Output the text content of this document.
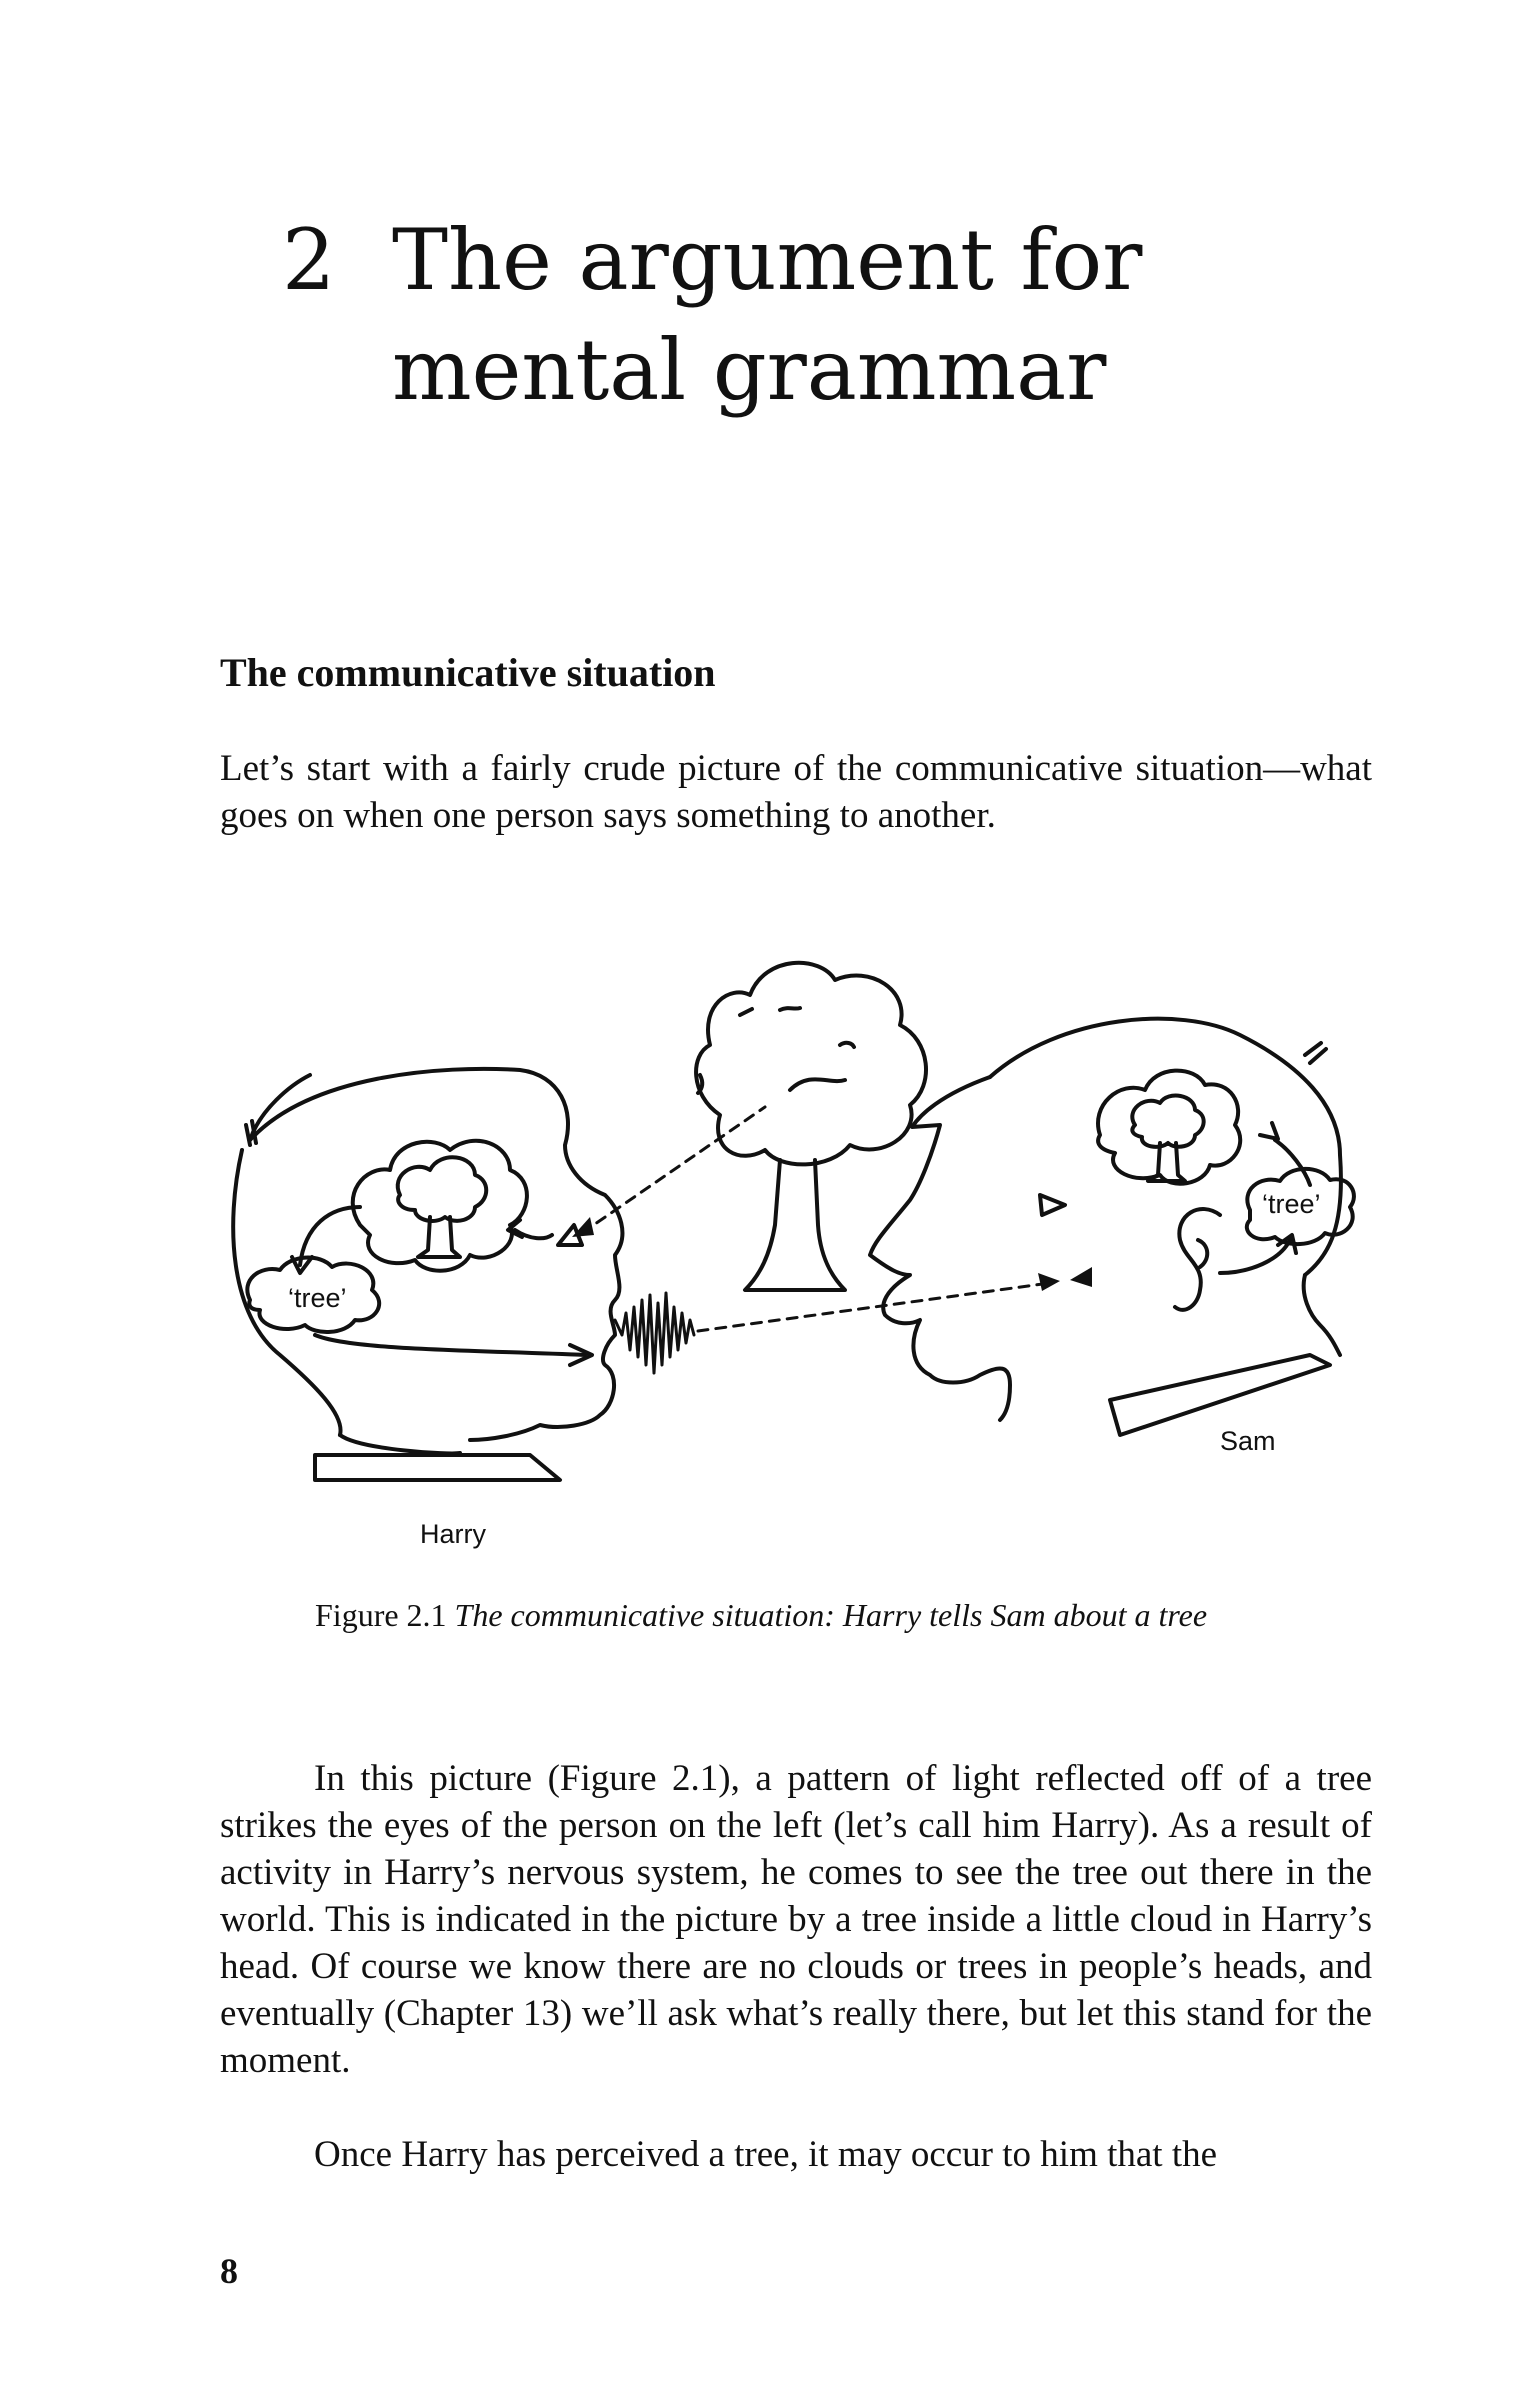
2 The argument for mental grammar
The communicative situation

Let’s start with a fairly crude picture of the communicative situation—what goes on when one person says something to another.

‘tree’
‘tree’
Harry
Sam

Figure 2.1 The communicative situation: Harry tells Sam about a tree

In this picture (Figure 2.1), a pattern of light reflected off of a tree strikes the eyes of the person on the left (let’s call him Harry). As a result of activity in Harry’s nervous system, he comes to see the tree out there in the world. This is indicated in the picture by a tree inside a little cloud in Harry’s head. Of course we know there are no clouds or trees in people’s heads, and eventually (Chapter 13) we’ll ask what’s really there, but let this stand for the moment.

Once Harry has perceived a tree, it may occur to him that the

8
